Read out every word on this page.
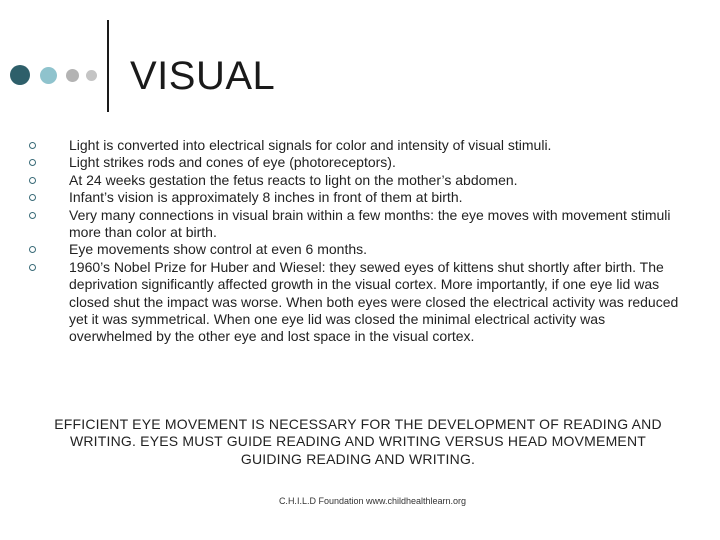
VISUAL
Light is converted into electrical signals for color and intensity of visual stimuli.
Light strikes rods and cones of eye (photoreceptors).
At 24 weeks gestation the fetus reacts to light on the mother’s abdomen.
Infant’s vision is approximately 8 inches in front of them at birth.
Very many connections in visual brain within a few months: the eye moves with movement stimuli more than color at birth.
Eye movements show control at even 6 months.
1960’s Nobel Prize for Huber and Wiesel: they sewed eyes of kittens shut shortly after birth. The deprivation significantly affected growth in the visual cortex. More importantly, if one eye lid was closed shut the impact was worse. When both eyes were closed the electrical activity was reduced yet it was symmetrical. When one eye lid was closed the minimal electrical activity was overwhelmed by the other eye and lost space in the visual cortex.

EFFICIENT EYE MOVEMENT IS NECESSARY FOR THE DEVELOPMENT OF READING AND WRITING. EYES MUST GUIDE READING AND WRITING VERSUS HEAD MOVMEMENT GUIDING READING AND WRITING.

C.H.I.L.D Foundation www.childhealthlearn.org
